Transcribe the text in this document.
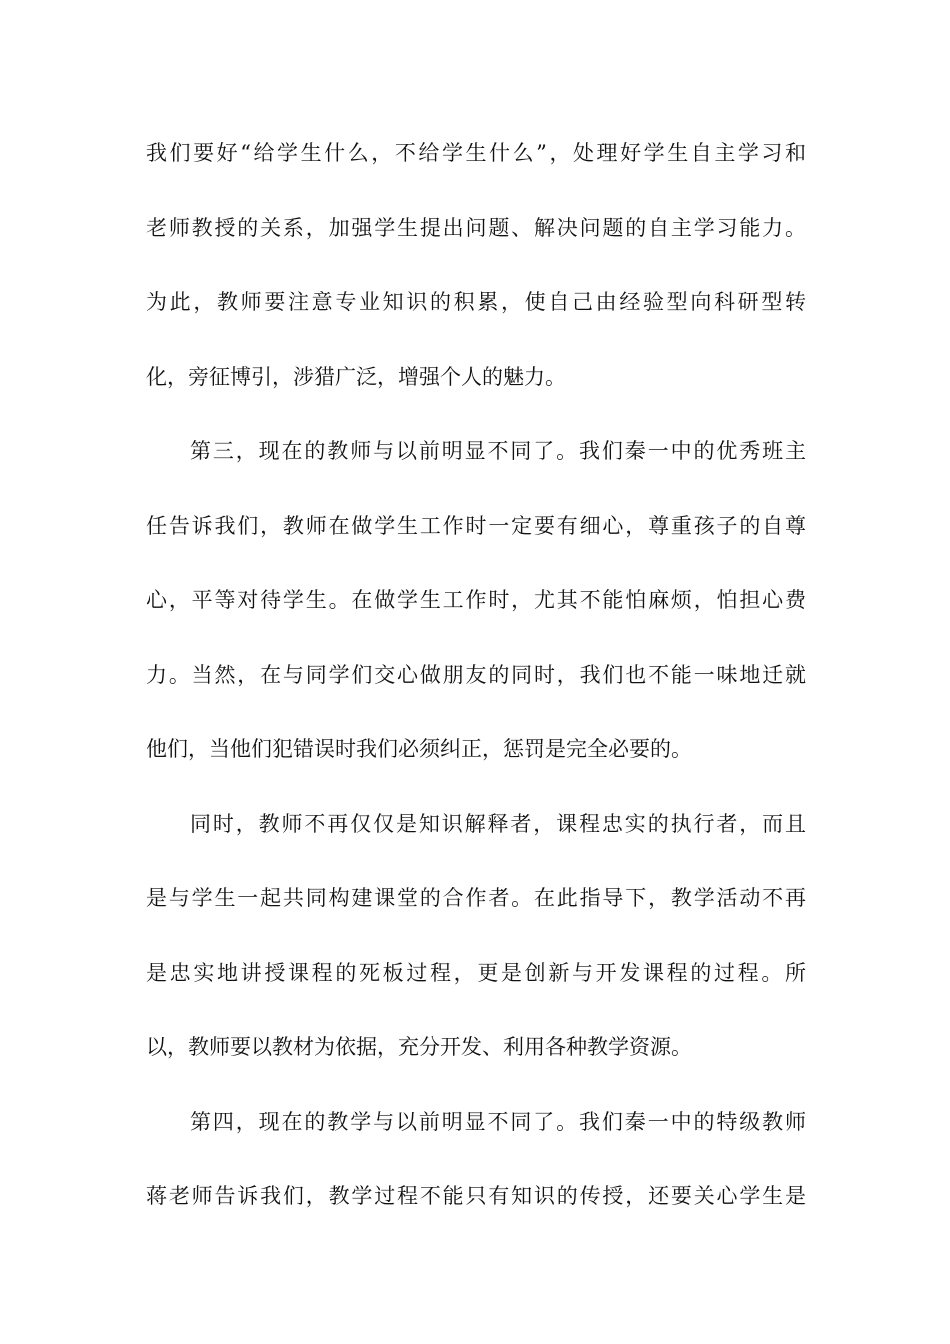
我们要好“给学生什么，不给学生什么”，处理好学生自主学习和
老师教授的关系，加强学生提出问题、解决问题的自主学习能力。
为此，教师要注意专业知识的积累，使自己由经验型向科研型转
化，旁征博引，涉猎广泛，增强个人的魅力。
第三，现在的教师与以前明显不同了。我们秦一中的优秀班主
任告诉我们，教师在做学生工作时一定要有细心，尊重孩子的自尊
心，平等对待学生。在做学生工作时，尤其不能怕麻烦，怕担心费
力。当然，在与同学们交心做朋友的同时，我们也不能一味地迁就
他们，当他们犯错误时我们必须纠正，惩罚是完全必要的。
同时，教师不再仅仅是知识解释者，课程忠实的执行者，而且
是与学生一起共同构建课堂的合作者。在此指导下，教学活动不再
是忠实地讲授课程的死板过程，更是创新与开发课程的过程。所
以，教师要以教材为依据，充分开发、利用各种教学资源。
第四，现在的教学与以前明显不同了。我们秦一中的特级教师
蒋老师告诉我们，教学过程不能只有知识的传授，还要关心学生是
